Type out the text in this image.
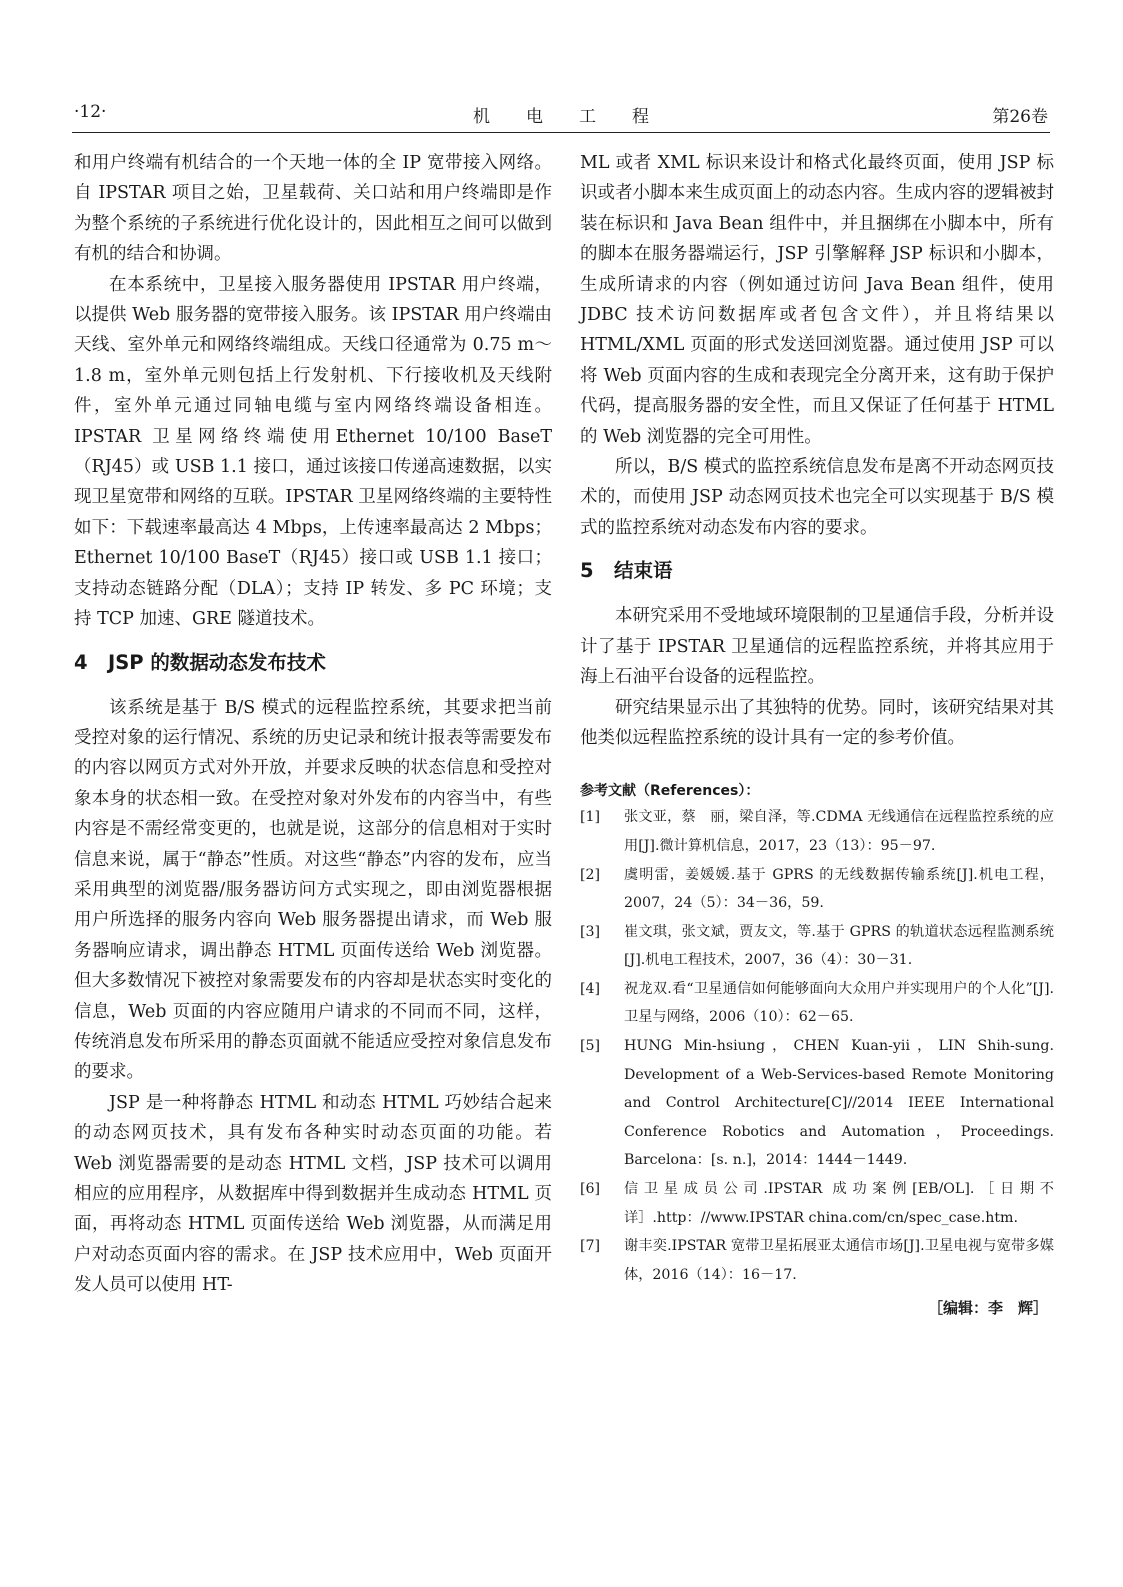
·12·	机电工程	第26卷

和用户终端有机结合的一个天地一体的全 IP 宽带接入网络。自 IPSTAR 项目之始，卫星载荷、关口站和用户终端即是作为整个系统的子系统进行优化设计的，因此相互之间可以做到有机的结合和协调。

在本系统中，卫星接入服务器使用 IPSTAR 用户终端，以提供 Web 服务器的宽带接入服务。该 IPSTAR 用户终端由天线、室外单元和网络终端组成。天线口径通常为 0.75 m～1.8 m，室外单元则包括上行发射机、下行接收机及天线附件，室外单元通过同轴电缆与室内网络终端设备相连。IPSTAR 卫星网络终端使用Ethernet 10/100 BaseT（RJ45）或 USB 1.1 接口，通过该接口传递高速数据，以实现卫星宽带和网络的互联。IPSTAR 卫星网络终端的主要特性如下：下载速率最高达 4 Mbps，上传速率最高达 2 Mbps；Ethernet 10/100 BaseT（RJ45）接口或 USB 1.1 接口；支持动态链路分配（DLA）；支持 IP 转发、多 PC 环境；支持 TCP 加速、GRE 隧道技术。

4 JSP 的数据动态发布技术

该系统是基于 B/S 模式的远程监控系统，其要求把当前受控对象的运行情况、系统的历史记录和统计报表等需要发布的内容以网页方式对外开放，并要求反映的状态信息和受控对象本身的状态相一致。在受控对象对外发布的内容当中，有些内容是不需经常变更的，也就是说，这部分的信息相对于实时信息来说，属于“静态”性质。对这些“静态”内容的发布，应当采用典型的浏览器/服务器访问方式实现之，即由浏览器根据用户所选择的服务内容向 Web 服务器提出请求，而 Web 服务器响应请求，调出静态 HTML 页面传送给 Web 浏览器。但大多数情况下被控对象需要发布的内容却是状态实时变化的信息，Web 页面的内容应随用户请求的不同而不同，这样，传统消息发布所采用的静态页面就不能适应受控对象信息发布的要求。

JSP 是一种将静态 HTML 和动态 HTML 巧妙结合起来的动态网页技术，具有发布各种实时动态页面的功能。若 Web 浏览器需要的是动态 HTML 文档，JSP 技术可以调用相应的应用程序，从数据库中得到数据并生成动态 HTML 页面，再将动态 HTML 页面传送给 Web 浏览器，从而满足用户对动态页面内容的需求。在 JSP 技术应用中，Web 页面开发人员可以使用 HT-

ML 或者 XML 标识来设计和格式化最终页面，使用 JSP 标识或者小脚本来生成页面上的动态内容。生成内容的逻辑被封装在标识和 Java Bean 组件中，并且捆绑在小脚本中，所有的脚本在服务器端运行，JSP 引擎解释 JSP 标识和小脚本，生成所请求的内容（例如通过访问 Java Bean 组件，使用 JDBC 技术访问数据库或者包含文件），并且将结果以 HTML/XML 页面的形式发送回浏览器。通过使用 JSP 可以将 Web 页面内容的生成和表现完全分离开来，这有助于保护代码，提高服务器的安全性，而且又保证了任何基于 HTML 的 Web 浏览器的完全可用性。

所以，B/S 模式的监控系统信息发布是离不开动态网页技术的，而使用 JSP 动态网页技术也完全可以实现基于 B/S 模式的监控系统对动态发布内容的要求。

5 结束语

本研究采用不受地域环境限制的卫星通信手段，分析并设计了基于 IPSTAR 卫星通信的远程监控系统，并将其应用于海上石油平台设备的远程监控。

研究结果显示出了其独特的优势。同时，该研究结果对其他类似远程监控系统的设计具有一定的参考价值。

参考文献（References）：
[1]	张文亚，蔡　丽，梁自泽，等.CDMA 无线通信在远程监控系统的应用[J].微计算机信息，2017，23（13）：95－97.
[2]	虞明雷，姜媛媛.基于 GPRS 的无线数据传输系统[J].机电工程，2007，24（5）：34－36，59.
[3]	崔文琪，张文斌，贾友文，等.基于 GPRS 的轨道状态远程监测系统[J].机电工程技术，2007，36（4）：30－31.
[4]	祝龙双.看“卫星通信如何能够面向大众用户并实现用户的个人化”[J].卫星与网络，2006（10）：62－65.
[5]	HUNG Min-hsiung，CHEN Kuan-yii，LIN Shih-sung. Development of a Web-Services-based Remote Monitoring and Control Architecture[C]//2014 IEEE International Conference Robotics and Automation，Proceedings. Barcelona：[s. n.]，2014：1444－1449.
[6]	信卫星成员公司.IPSTAR 成功案例[EB/OL].［日期不详］.http：//www.IPSTAR china.com/cn/spec_case.htm.
[7]	谢丰奕.IPSTAR 宽带卫星拓展亚太通信市场[J].卫星电视与宽带多媒体，2016（14）：16－17.
［编辑：李　辉］
